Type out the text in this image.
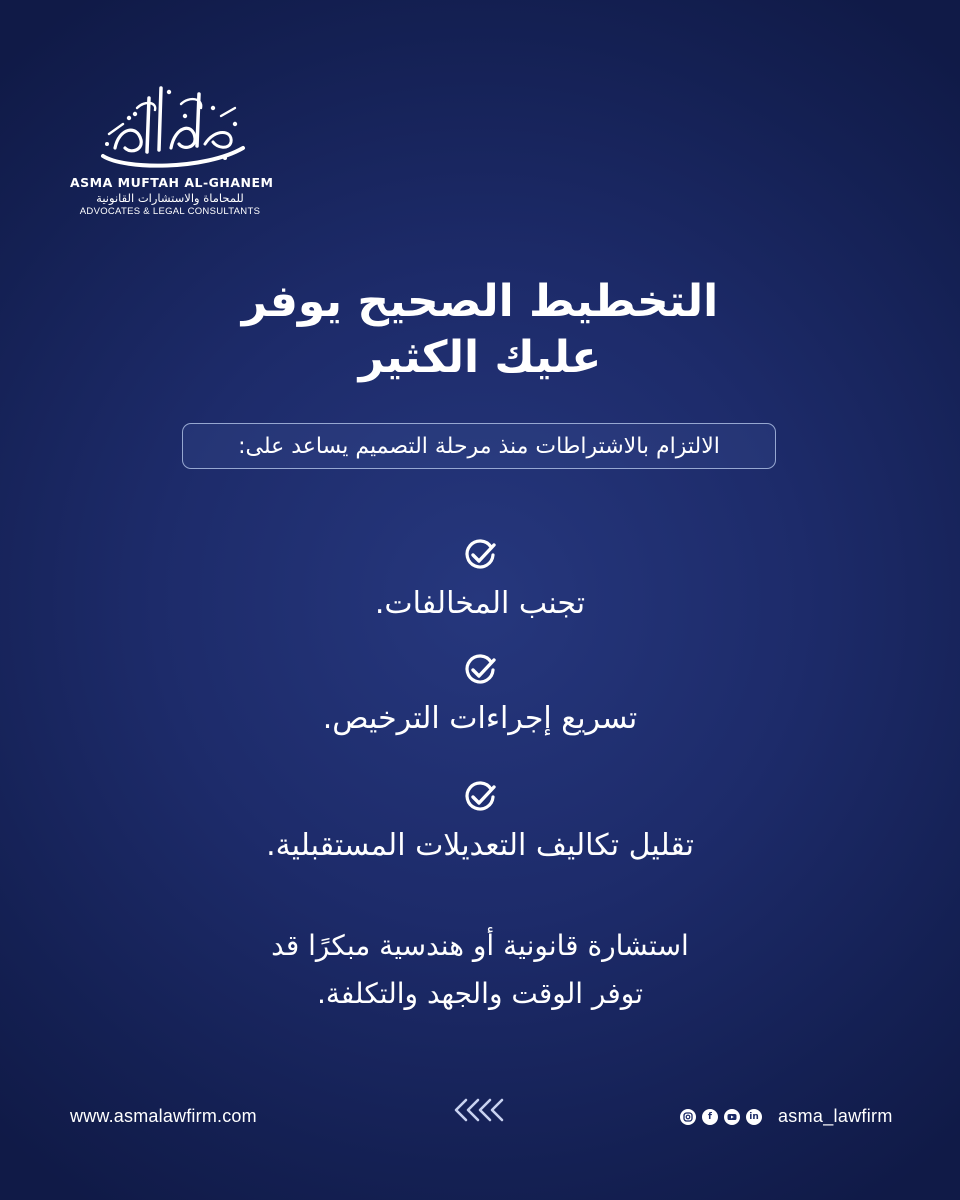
ASMA MUFTAH AL-GHANEM
للمحاماة والاستشارات القانونية
ADVOCATES & LEGAL CONSULTANTS
التخطيط الصحيح يوفر
عليك الكثير
الالتزام بالاشتراطات منذ مرحلة التصميم يساعد على:
تجنب المخالفات.
تسريع إجراءات الترخيص.
تقليل تكاليف التعديلات المستقبلية.
استشارة قانونية أو هندسية مبكرًا قد
توفر الوقت والجهد والتكلفة.
www.asmalawfirm.com	f	in asma_lawfirm
